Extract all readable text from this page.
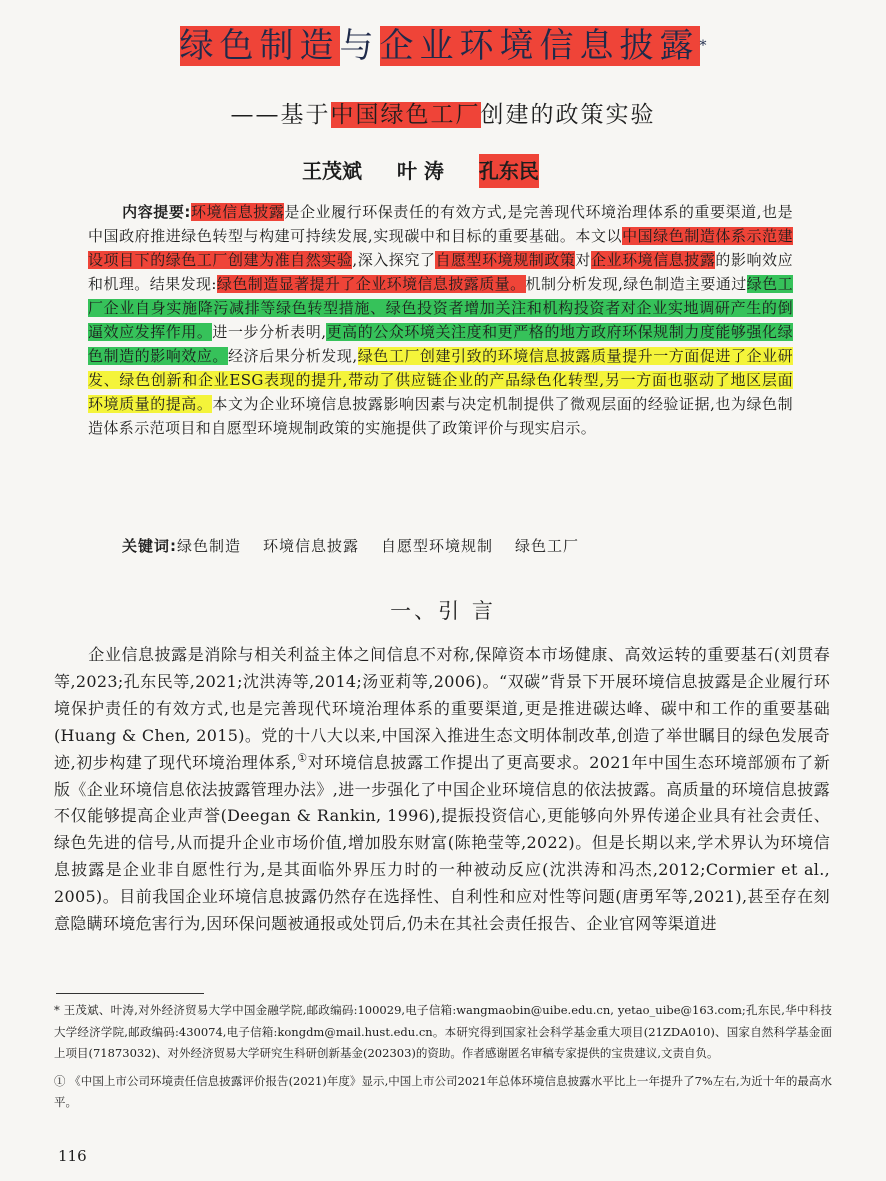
绿色制造与企业环境信息披露*
——基于中国绿色工厂创建的政策实验
王茂斌 叶 涛 孔东民
内容提要:环境信息披露是企业履行环保责任的有效方式,是完善现代环境治理体系的重要渠道,也是中国政府推进绿色转型与构建可持续发展,实现碳中和目标的重要基础。本文以中国绿色制造体系示范建设项目下的绿色工厂创建为准自然实验,深入探究了自愿型环境规制政策对企业环境信息披露的影响效应和机理。结果发现:绿色制造显著提升了企业环境信息披露质量。机制分析发现,绿色制造主要通过绿色工厂企业自身实施降污减排等绿色转型措施、绿色投资者增加关注和机构投资者对企业实地调研产生的倒逼效应发挥作用。进一步分析表明,更高的公众环境关注度和更严格的地方政府环保规制力度能够强化绿色制造的影响效应。经济后果分析发现,绿色工厂创建引致的环境信息披露质量提升一方面促进了企业研发、绿色创新和企业ESG表现的提升,带动了供应链企业的产品绿色化转型,另一方面也驱动了地区层面环境质量的提高。本文为企业环境信息披露影响因素与决定机制提供了微观层面的经验证据,也为绿色制造体系示范项目和自愿型环境规制政策的实施提供了政策评价与现实启示。
关键词:绿色制造 环境信息披露 自愿型环境规制 绿色工厂
一、引 言
企业信息披露是消除与相关利益主体之间信息不对称,保障资本市场健康、高效运转的重要基石(刘贯春等,2023;孔东民等,2021;沈洪涛等,2014;汤亚莉等,2006)。“双碳”背景下开展环境信息披露是企业履行环境保护责任的有效方式,也是完善现代环境治理体系的重要渠道,更是推进碳达峰、碳中和工作的重要基础(Huang & Chen, 2015)。党的十八大以来,中国深入推进生态文明体制改革,创造了举世瞩目的绿色发展奇迹,初步构建了现代环境治理体系,①对环境信息披露工作提出了更高要求。2021年中国生态环境部颁布了新版《企业环境信息依法披露管理办法》,进一步强化了中国企业环境信息的依法披露。高质量的环境信息披露不仅能够提高企业声誉(Deegan & Rankin, 1996),提振投资信心,更能够向外界传递企业具有社会责任、绿色先进的信号,从而提升企业市场价值,增加股东财富(陈艳莹等,2022)。但是长期以来,学术界认为环境信息披露是企业非自愿性行为,是其面临外界压力时的一种被动反应(沈洪涛和冯杰,2012;Cormier et al., 2005)。目前我国企业环境信息披露仍然存在选择性、自利性和应对性等问题(唐勇军等,2021),甚至存在刻意隐瞒环境危害行为,因环保问题被通报或处罚后,仍未在其社会责任报告、企业官网等渠道进

* 王茂斌、叶涛,对外经济贸易大学中国金融学院,邮政编码:100029,电子信箱:wangmaobin@uibe.edu.cn, yetao_uibe@163.com;孔东民,华中科技大学经济学院,邮政编码:430074,电子信箱:kongdm@mail.hust.edu.cn。本研究得到国家社会科学基金重大项目(21ZDA010)、国家自然科学基金面上项目(71873032)、对外经济贸易大学研究生科研创新基金(202303)的资助。作者感谢匿名审稿专家提供的宝贵建议,文责自负。

① 《中国上市公司环境责任信息披露评价报告(2021)年度》显示,中国上市公司2021年总体环境信息披露水平比上一年提升了7%左右,为近十年的最高水平。

116
